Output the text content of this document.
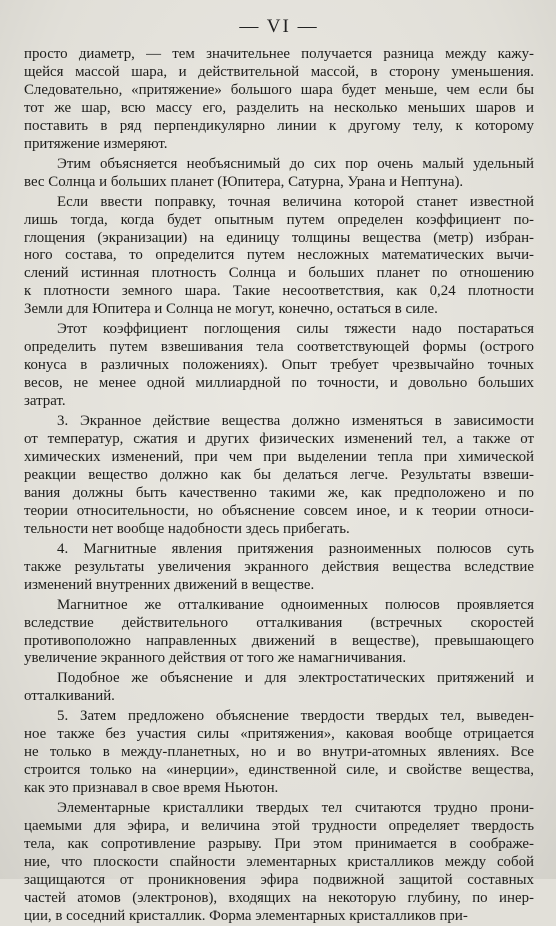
— VI —
просто диаметр, — тем значительнее получается разница между кажу-
щейся массой шара, и действительной массой, в сторону уменьшения.
Следовательно, «притяжение» большого шара будет меньше, чем если бы
тот же шар, всю массу его, разделить на несколько меньших шаров и
поставить в ряд перпендикулярно линии к другому телу, к которому
притяжение измеряют.
Этим объясняется необъяснимый до сих пор очень малый удельный
вес Солнца и больших планет (Юпитера, Сатурна, Урана и Нептуна).
Если ввести поправку, точная величина которой станет известной
лишь тогда, когда будет опытным путем определен коэффициент по-
глощения (экранизации) на единицу толщины вещества (метр) избран-
ного состава, то определится путем несложных математических вычи-
слений истинная плотность Солнца и больших планет по отношению
к плотности земного шара. Такие несоответствия, как 0,24 плотности
Земли для Юпитера и Солнца не могут, конечно, остаться в силе.
Этот коэффициент поглощения силы тяжести надо постараться
определить путем взвешивания тела соответствующей формы (острого
конуса в различных положениях). Опыт требует чрезвычайно точных
весов, не менее одной миллиардной по точности, и довольно больших
затрат.
3. Экранное действие вещества должно изменяться в зависимости
от температур, сжатия и других физических изменений тел, а также от
химических изменений, при чем при выделении тепла при химической
реакции вещество должно как бы делаться легче. Результаты взвеши-
вания должны быть качественно такими же, как предположено и по
теории относительности, но объяснение совсем иное, и к теории относи-
тельности нет вообще надобности здесь прибегать.
4. Магнитные явления притяжения разноименных полюсов суть
также результаты увеличения экранного действия вещества вследствие
изменений внутренних движений в веществе.
Магнитное же отталкивание одноименных полюсов проявляется
вследствие действительного отталкивания (встречных скоростей
противоположно направленных движений в веществе), превышающего
увеличение экранного действия от того же намагничивания.
Подобное же объяснение и для электростатических притяжений и
отталкиваний.
5. Затем предложено объяснение твердости твердых тел, выведен-
ное также без участия силы «притяжения», каковая вообще отрицается
не только в между-планетных, но и во внутри-атомных явлениях. Все
строится только на «инерции», единственной силе, и свойстве вещества,
как это признавал в свое время Ньютон.
Элементарные кристаллики твердых тел считаются трудно прони-
цаемыми для эфира, и величина этой трудности определяет твердость
тела, как сопротивление разрыву. При этом принимается в соображе-
ние, что плоскости спайности элементарных кристалликов между собой
защищаются от проникновения эфира подвижной защитой составных
частей атомов (электронов), входящих на некоторую глубину, по инер-
ции, в соседний кристаллик. Форма элементарных кристалликов при-
